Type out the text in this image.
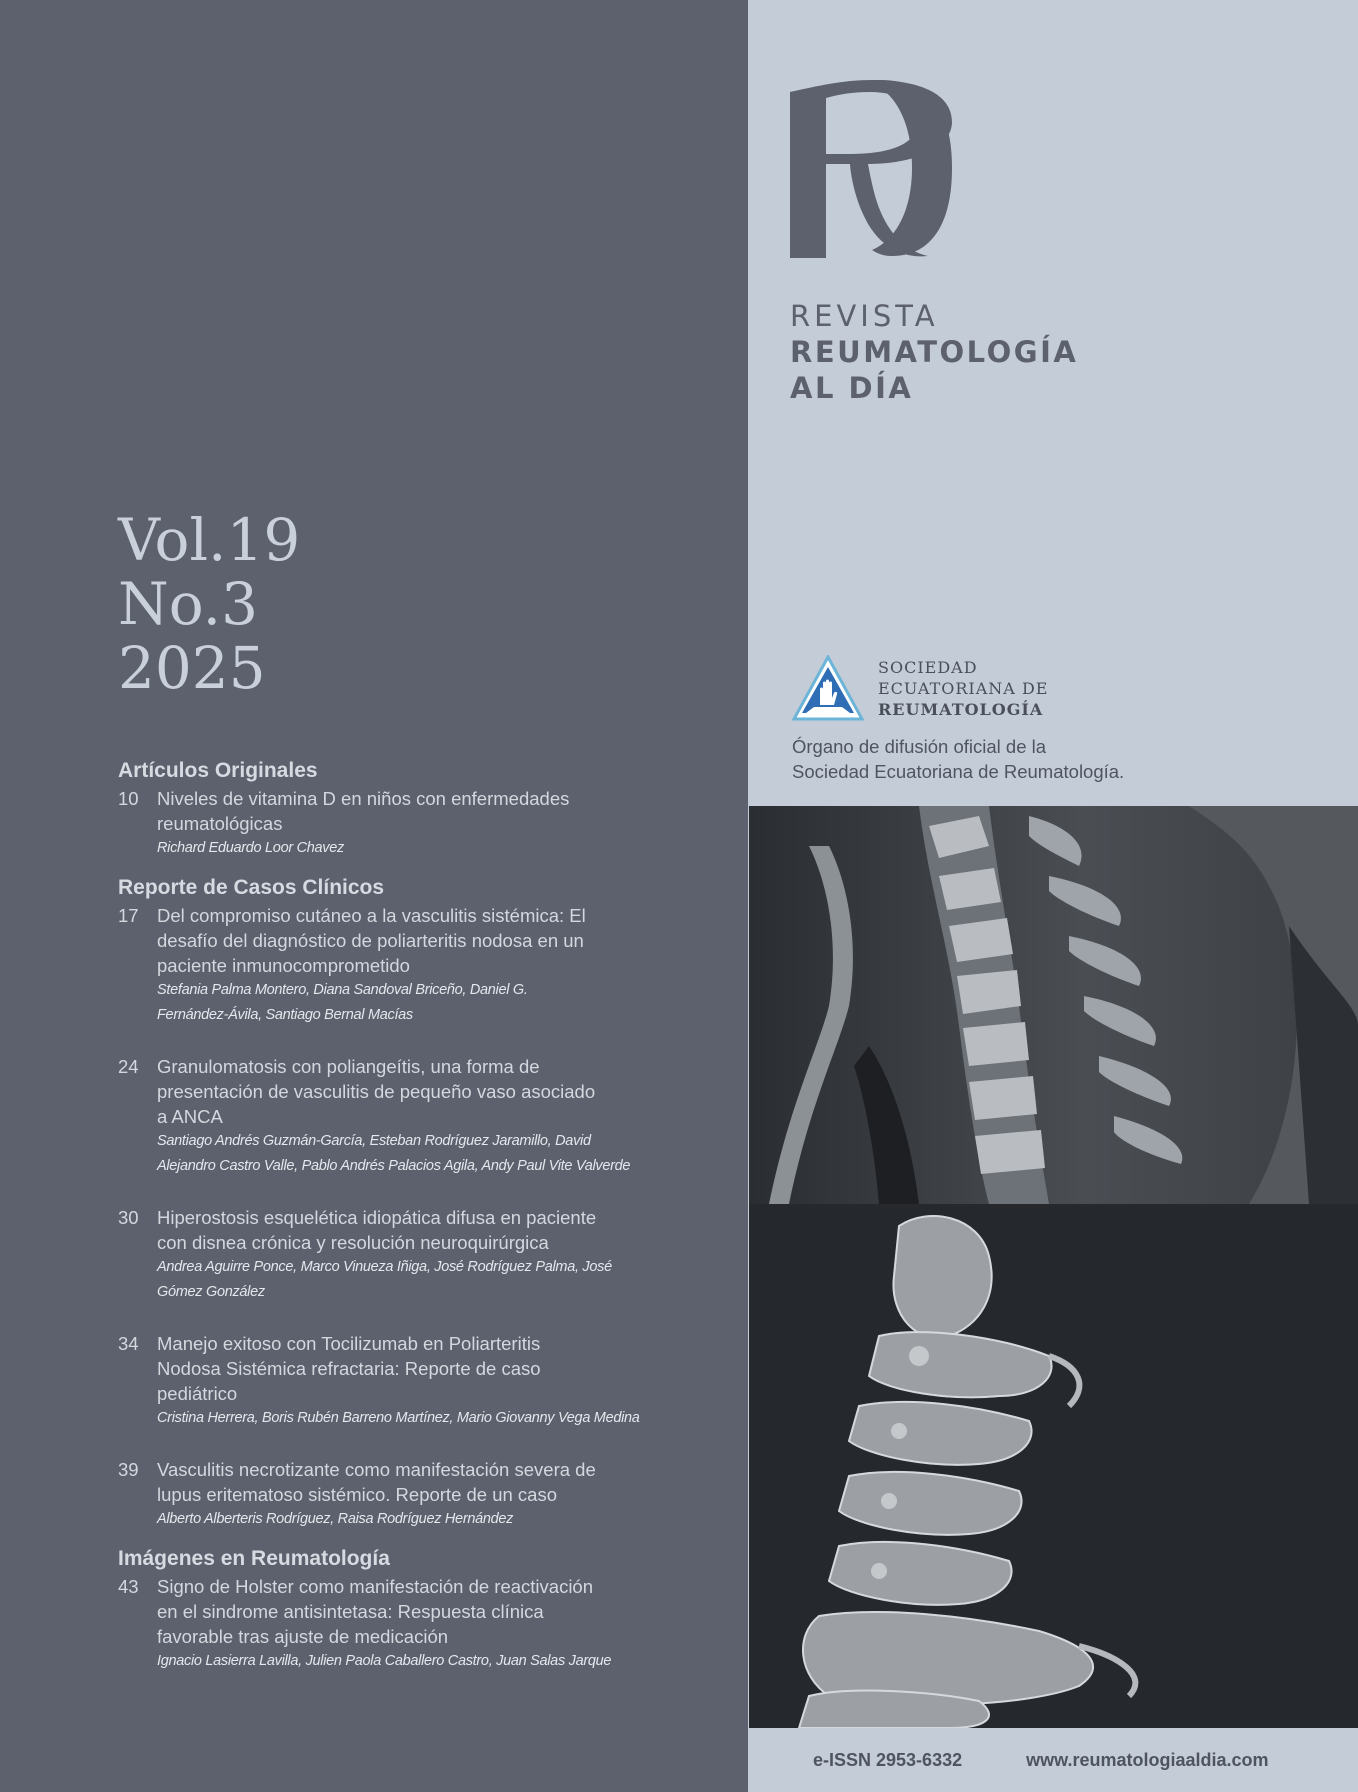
Vol.19
No.3
2025
Artículos Originales
10 Niveles de vitamina D en niños con enfermedades
reumatológicas
Richard Eduardo Loor Chavez
Reporte de Casos Clínicos
17 Del compromiso cutáneo a la vasculitis sistémica: El
desafío del diagnóstico de poliarteritis nodosa en un
paciente inmunocomprometido
Stefania Palma Montero, Diana Sandoval Briceño, Daniel G.
Fernández-Ávila, Santiago Bernal Macías
24 Granulomatosis con poliangeítis, una forma de
presentación de vasculitis de pequeño vaso asociado
a ANCA
Santiago Andrés Guzmán-García, Esteban Rodríguez Jaramillo, David
Alejandro Castro Valle, Pablo Andrés Palacios Agila, Andy Paul Vite Valverde
30 Hiperostosis esquelética idiopática difusa en paciente
con disnea crónica y resolución neuroquirúrgica
Andrea Aguirre Ponce, Marco Vinueza Iñiga, José Rodríguez Palma, José
Gómez González
34 Manejo exitoso con Tocilizumab en Poliarteritis
Nodosa Sistémica refractaria: Reporte de caso
pediátrico
Cristina Herrera, Boris Rubén Barreno Martínez, Mario Giovanny Vega Medina
39 Vasculitis necrotizante como manifestación severa de
lupus eritematoso sistémico. Reporte de un caso
Alberto Alberteris Rodríguez, Raisa Rodríguez Hernández
Imágenes en Reumatología
43 Signo de Holster como manifestación de reactivación
en el sindrome antisintetasa: Respuesta clínica
favorable tras ajuste de medicación
Ignacio Lasierra Lavilla, Julien Paola Caballero Castro, Juan Salas Jarque
REVISTA
REUMATOLOGÍA
AL DÍA
SOCIEDAD
ECUATORIANA DE
REUMATOLOGÍA
Órgano de difusión oficial de la
Sociedad Ecuatoriana de Reumatología.
e-ISSN 2953-6332	www.reumatologiaaldia.com
